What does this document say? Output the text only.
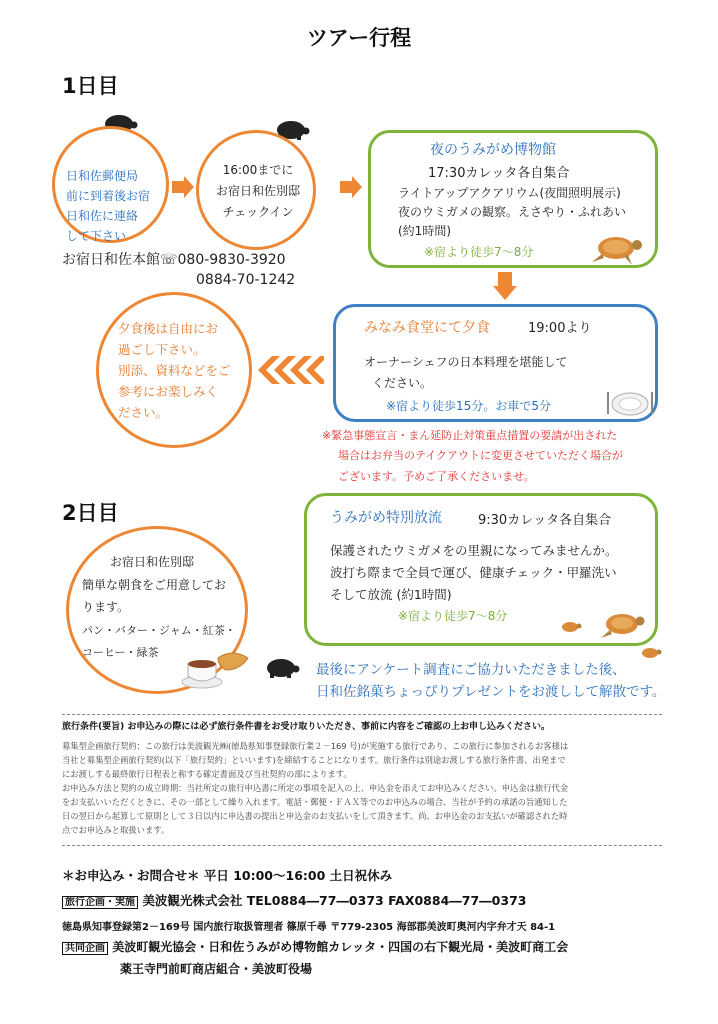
ツアー行程
1日目

日和佐郵便局
前に到着後お宿
日和佐に連絡
して下さい

16:00までに
お宿日和佐別邸
チェックイン
お宿日和佐本館☏080-9830-3920
0884-70-1242
夜のうみがめ博物館
17:30カレッタ各自集合
ライトアップアクアリウム(夜間照明展示)
夜のウミガメの観察。えさやり・ふれあい
(約1時間)
※宿より徒歩7～8分
みなみ食堂にて夕食	19:00より
オーナーシェフの日本料理を堪能して
ください。
※宿より徒歩15分。お車で5分
※緊急事態宣言・まん延防止対策重点措置の要請が出された
場合はお弁当のテイクアウトに変更させていただく場合が
ございます。予めご了承くださいませ。
夕食後は自由にお
過ごし下さい。
別添、資料などをご
参考にお楽しみく
ださい。
2日目	うみがめ特別放流	9:30カレッタ各自集合
保護されたウミガメをの里親になってみませんか。
波打ち際まで全員で運び、健康チェック・甲羅洗い
そして放流 (約1時間)
※宿より徒歩7～8分
お宿日和佐別邸
簡単な朝食をご用意してお
ります。
パン・バター・ジャム・紅茶・
コーヒー・緑茶
最後にアンケート調査にご協力いただきました後、
日和佐銘菓ちょっぴりプレゼントをお渡しして解散です。
旅行条件(要旨) お申込みの際には必ず旅行条件書をお受け取りいただき、事前に内容をご確認の上お申し込みください。
募集型企画旅行契約：この旅行は美波観光㈱(徳島県知事登録旅行業２－169 号)が実施する旅行であり、この旅行に参加されるお客様は
当社と募集型企画旅行契約(以下「旅行契約」といいます)を締結することになります。旅行条件は別途お渡しする旅行条件書、出発まで
にお渡しする最終旅行日程表と称する確定書面及び当社契約の部によります。
お申込み方法と契約の成立時期：当社所定の旅行申込書に所定の事項を記入の上、申込金を添えてお申込みください。申込金は旅行代金
をお支払いいただくときに、その一部として繰り入れます。電話・郵便・ＦＡＸ等でのお申込みの場合、当社が予約の承諾の旨通知した
日の翌日から起算して原則として３日以内に申込書の提出と申込金のお支払いをして頂きます。尚、お申込金のお支払いが確認された時
点でお申込みと取扱います。
＊お申込み・お問合せ＊ 平日 10:00～16:00 土日祝休み
旅行企画・実施 美波観光株式会社 TEL0884―77―0373 FAX0884―77―0373
徳島県知事登録第2－169号 国内旅行取扱管理者 篠原千尋 〒779-2305 海部郡美波町奥河内字弁才天 84-1
共同企画 美波町観光協会・日和佐うみがめ博物館カレッタ・四国の右下観光局・美波町商工会
薬王寺門前町商店組合・美波町役場
